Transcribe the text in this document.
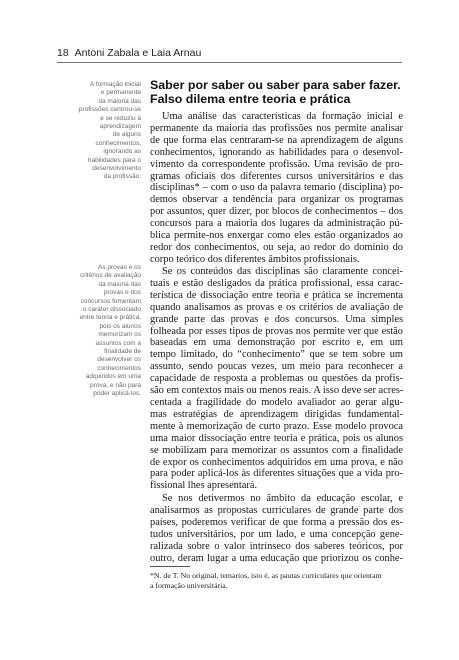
18 Antoni Zabala e Laia Arnau
A formação inicial
e permanente
da maioria das
profissões centrou-se
e se reduziu à
aprendizagem
de alguns
conhecimentos,
ignorando as
habilidades para o
desenvolvimento
da profissão.
As provas e os
critérios de avaliação
da maioria das
provas e dos
concursos fomentam
o caráter dissociado
entre teoria e prática,
pois os alunos
memorizam os
assuntos com a
finalidade de
desenvolver os
conhecimentos
adquiridos em uma
prova, e não para
poder aplicá-los.
Saber por saber ou saber para saber fazer.
Falso dilema entre teoria e prática
Uma análise das características da formação inicial e
permanente da maioria das profissões nos permite analisar
de que forma elas centraram-se na aprendizagem de alguns
conhecimentos, ignorando as habilidades para o desenvol-
vimento da correspondente profissão. Uma revisão de pro-
gramas oficiais dos diferentes cursos universitários e das
disciplinas* – com o uso da palavra temario (disciplina) po-
demos observar a tendência para organizar os programas
por assuntos, quer dizer, por blocos de conhecimentos – dos
concursos para a maioria dos lugares da administração pú-
blica permite-nos enxergar como eles estão organizados ao
redor dos conhecimentos, ou seja, ao redor do domínio do
corpo teórico dos diferentes âmbitos profissionais.
Se os conteúdos das disciplinas são claramente concei-
tuais e estão desligados da prática profissional, essa carac-
terística de dissociação entre teoria e prática se incrementa
quando analisamos as provas e os critérios de avaliação de
grande parte das provas e dos concursos. Uma simples
folheada por esses tipos de provas nos permite ver que estão
baseadas em uma demonstração por escrito e, em um
tempo limitado, do “conhecimento” que se tem sobre um
assunto, sendo poucas vezes, um meio para reconhecer a
capacidade de resposta a problemas ou questões da profis-
são em contextos mais ou menos reais. A isso deve ser acres-
centada a fragilidade do modelo avaliador ao gerar algu-
mas estratégias de aprendizagem dirigidas fundamental-
mente à memorização de curto prazo. Esse modelo provoca
uma maior dissociação entre teoria e prática, pois os alunos
se mobilizam para memorizar os assuntos com a finalidade
de expor os conhecimentos adquiridos em uma prova, e não
para poder aplicá-los às diferentes situações que a vida pro-
fissional lhes apresentará.
Se nos detivermos no âmbito da educação escolar, e
analisarmos as propostas curriculares de grande parte dos
países, poderemos verificar de que forma a pressão dos es-
tudos universitários, por um lado, e uma concepção gene-
ralizada sobre o valor intrínseco dos saberes teóricos, por
outro, deram lugar a uma educação que priorizou os conhe-
*N. de T. No original, temarios, isto é, as pautas curriculares que orientam
a formação universitária.
